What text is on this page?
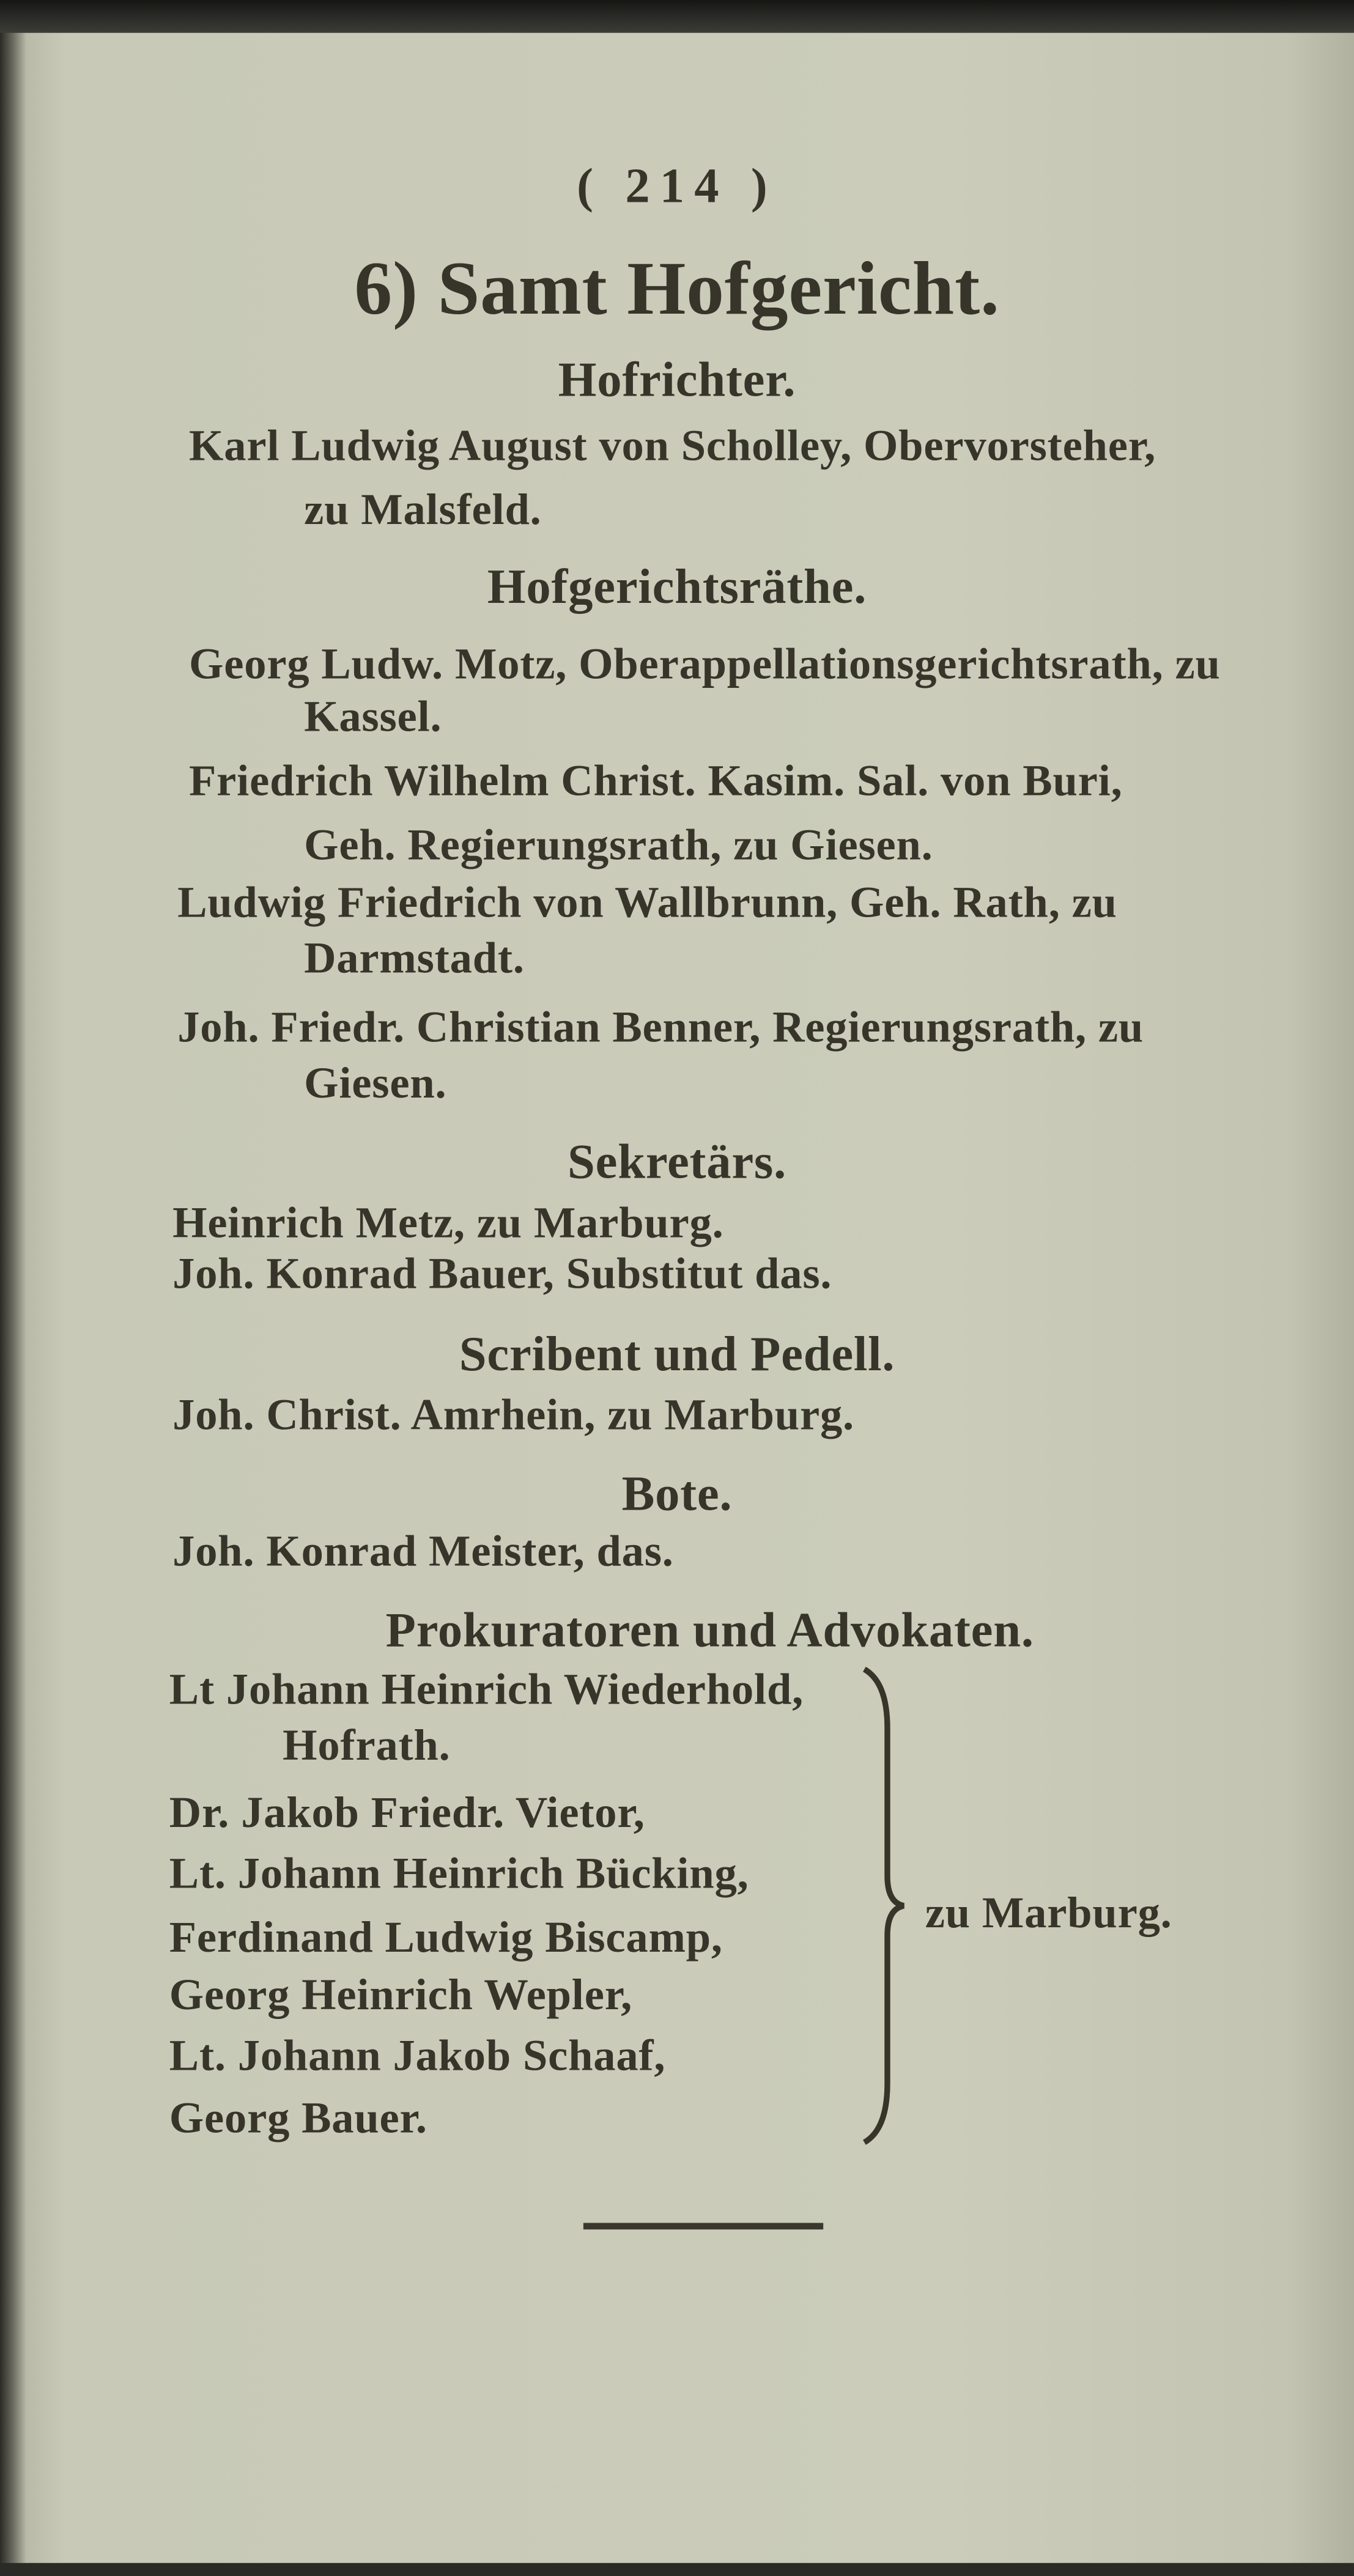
( 214 )
6) Samt Hofgericht.
Hofrichter.
Karl Ludwig August von Scholley, Obervorsteher,
zu Malsfeld.
Hofgerichtsräthe.
Georg Ludw. Motz, Oberappellationsgerichtsrath, zu
Kassel.
Friedrich Wilhelm Christ. Kasim. Sal. von Buri,
Geh. Regierungsrath, zu Giesen.
Ludwig Friedrich von Wallbrunn, Geh. Rath, zu
Darmstadt.
Joh. Friedr. Christian Benner, Regierungsrath, zu
Giesen.
Sekretärs.
Heinrich Metz, zu Marburg.
Joh. Konrad Bauer, Substitut das.
Scribent und Pedell.
Joh. Christ. Amrhein, zu Marburg.
Bote.
Joh. Konrad Meister, das.
Prokuratoren und Advokaten.
Lt Johann Heinrich Wiederhold,
Hofrath.
Dr. Jakob Friedr. Vietor,
Lt. Johann Heinrich Bücking,
Ferdinand Ludwig Biscamp,
Georg Heinrich Wepler,
Lt. Johann Jakob Schaaf,
Georg Bauer.
zu Marburg.
